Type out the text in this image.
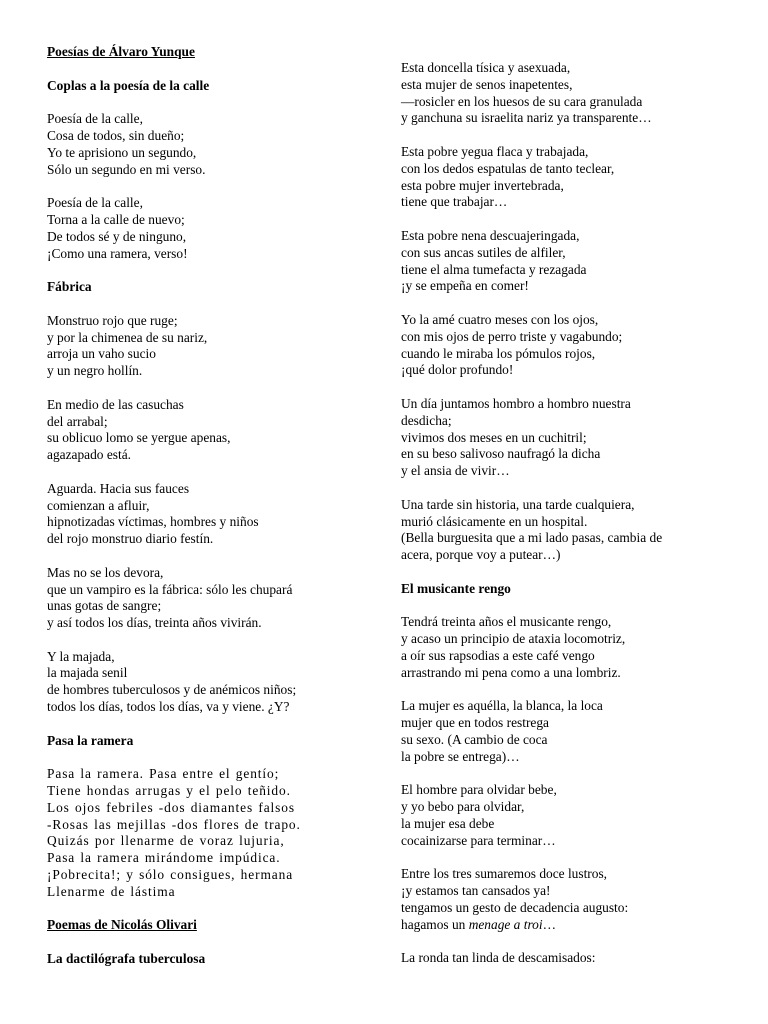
Poesías de Álvaro Yunque
Coplas a la poesía de la calle
Poesía de la calle,
Cosa de todos, sin dueño;
Yo te aprisiono un segundo,
Sólo un segundo en mi verso.
Poesía de la calle,
Torna a la calle de nuevo;
De todos sé y de ninguno,
¡Como una ramera, verso!
Fábrica
Monstruo rojo que ruge;
y por la chimenea de su nariz,
arroja un vaho sucio
y un negro hollín.
En medio de las casuchas
del arrabal;
su oblicuo lomo se yergue apenas,
agazapado está.
Aguarda. Hacia sus fauces
comienzan a afluir,
hipnotizadas víctimas, hombres y niños
del rojo monstruo diario festín.
Mas no se los devora,
que un vampiro es la fábrica: sólo les chupará
unas gotas de sangre;
y así todos los días, treinta años vivirán.
Y la majada,
la majada senil
de hombres tuberculosos y de anémicos niños;
todos los días, todos los días, va y viene. ¿Y?
Pasa la ramera
Pasa la ramera. Pasa entre el gentío;
Tiene hondas arrugas y el pelo teñido.
Los ojos febriles -dos diamantes falsos
-Rosas las mejillas -dos flores de trapo.
Quizás por llenarme de voraz lujuria,
Pasa la ramera mirándome impúdica.
¡Pobrecita!; y sólo consigues, hermana
Llenarme de lástima
Poemas de Nicolás Olivari
La dactilógrafa tuberculosa
Esta doncella tísica y asexuada,
esta mujer de senos inapetentes,
—rosicler en los huesos de su cara granulada
y ganchuna su israelita nariz ya transparente…
Esta pobre yegua flaca y trabajada,
con los dedos espatulas de tanto teclear,
esta pobre mujer invertebrada,
tiene que trabajar…
Esta pobre nena descuajeringada,
con sus ancas sutiles de alfiler,
tiene el alma tumefacta y rezagada
¡y se empeña en comer!
Yo la amé cuatro meses con los ojos,
con mis ojos de perro triste y vagabundo;
cuando le miraba los pómulos rojos,
¡qué dolor profundo!
Un día juntamos hombro a hombro nuestra
desdicha;
vivimos dos meses en un cuchitril;
en su beso salivoso naufragó la dicha
y el ansia de vivir…
Una tarde sin historia, una tarde cualquiera,
murió clásicamente en un hospital.
(Bella burguesita que a mi lado pasas, cambia de
acera, porque voy a putear…)
El musicante rengo
Tendrá treinta años el musicante rengo,
y acaso un principio de ataxia locomotriz,
a oír sus rapsodias a este café vengo
arrastrando mi pena como a una lombriz.
La mujer es aquélla, la blanca, la loca
mujer que en todos restrega
su sexo. (A cambio de coca
la pobre se entrega)…
El hombre para olvidar bebe,
y yo bebo para olvidar,
la mujer esa debe
cocainizarse para terminar…
Entre los tres sumaremos doce lustros,
¡y estamos tan cansados ya!
tengamos un gesto de decadencia augusto:
hagamos un menage a troi…
La ronda tan linda de descamisados:
